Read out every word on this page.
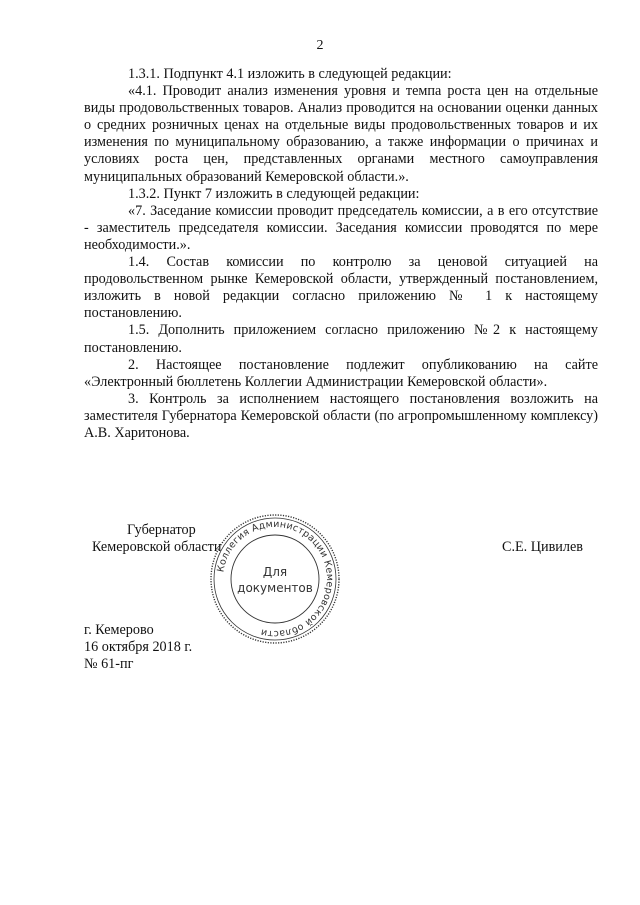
2

1.3.1. Подпункт 4.1 изложить в следующей редакции:

«4.1. Проводит анализ изменения уровня и темпа роста цен на отдельные виды продовольственных товаров. Анализ проводится на основании оценки данных о средних розничных ценах на отдельные виды продовольственных товаров и их изменения по муниципальному образованию, а также информации о причинах и условиях роста цен, представленных органами местного самоуправления муниципальных образований Кемеровской области.».

1.3.2. Пункт 7 изложить в следующей редакции:

«7. Заседание комиссии проводит председатель комиссии, а в его отсутствие - заместитель председателя комиссии. Заседания комиссии проводятся по мере необходимости.».

1.4. Состав комиссии по контролю за ценовой ситуацией на продовольственном рынке Кемеровской области, утвержденный постановлением, изложить в новой редакции согласно приложению № 1 к настоящему постановлению.

1.5. Дополнить приложением согласно приложению №2 к настоящему постановлению.

2. Настоящее постановление подлежит опубликованию на сайте «Электронный бюллетень Коллегии Администрации Кемеровской области».

3. Контроль за исполнением настоящего постановления возложить на заместителя Губернатора Кемеровской области (по агропромышленному комплексу) А.В. Харитонова.

Губернатор
Кемеровской области	С.Е. Цивилев
Коллегия Администрации Кемеровской области
Для
документов
г. Кемерово
16 октября 2018 г.
№ 61-пг
